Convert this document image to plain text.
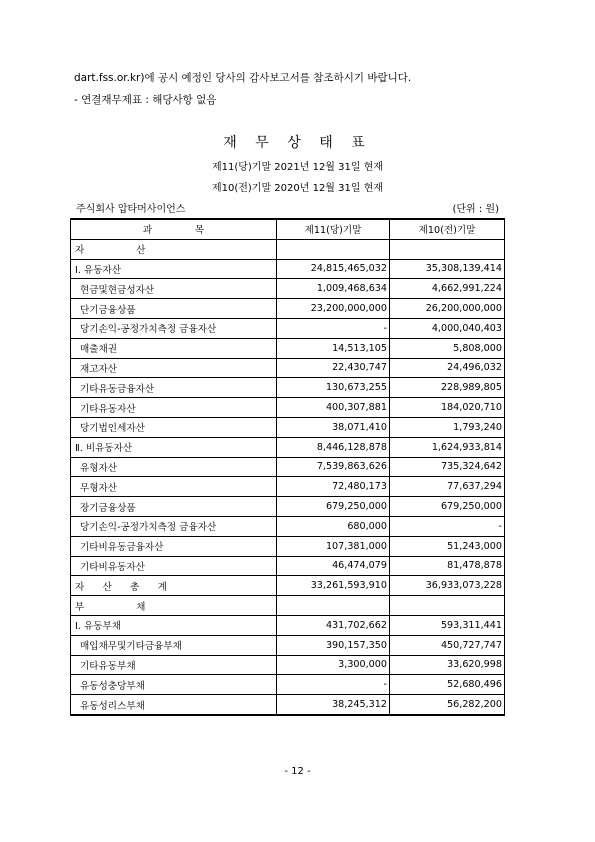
dart.fss.or.kr)에 공시 예정인 당사의 감사보고서를 참조하시기 바랍니다.
- 연결재무제표 : 해당사항 없음
재 무 상 태 표
제11(당)기말 2021년 12월 31일 현재
제10(전)기말 2020년 12월 31일 현재
주식회사 압타머사이언스	(단위 : 원)
과              목	제11(당)기말	제10(전)기말
자                 산		
Ⅰ. 유동자산	24,815,465,032	35,308,139,414
현금및현금성자산	1,009,468,634	4,662,991,224
단기금융상품	23,200,000,000	26,200,000,000
당기손익-공정가치측정 금융자산	-	4,000,040,403
매출채권	14,513,105	5,808,000
재고자산	22,430,747	24,496,032
기타유동금융자산	130,673,255	228,989,805
기타유동자산	400,307,881	184,020,710
당기법인세자산	38,071,410	1,793,240
Ⅱ. 비유동자산	8,446,128,878	1,624,933,814
유형자산	7,539,863,626	735,324,642
무형자산	72,480,173	77,637,294
장기금융상품	679,250,000	679,250,000
당기손익-공정가치측정 금융자산	680,000	-
기타비유동금융자산	107,381,000	51,243,000
기타비유동자산	46,474,079	81,478,878
자      산      총      계	33,261,593,910	36,933,073,228
부                 채		
Ⅰ. 유동부채	431,702,662	593,311,441
매입채무및기타금융부채	390,157,350	450,727,747
기타유동부채	3,300,000	33,620,998
유동성충당부채	-	52,680,496
유동성리스부채	38,245,312	56,282,200
- 12 -
